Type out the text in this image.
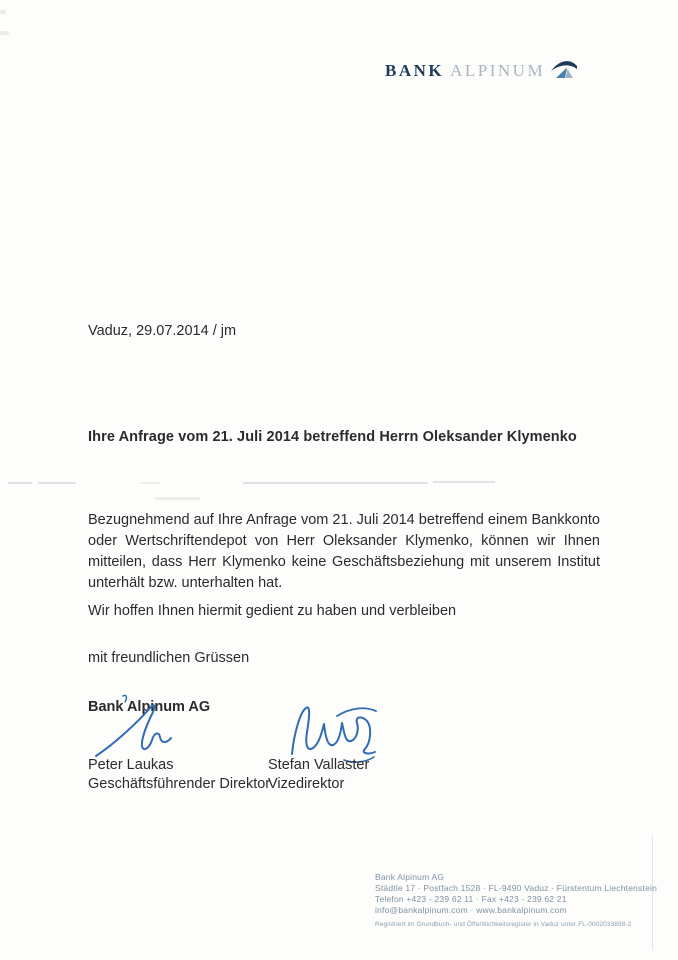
BANK ALPINUM
Vaduz, 29.07.2014 / jm
Ihre Anfrage vom 21. Juli 2014 betreffend Herrn Oleksander Klymenko
Bezugnehmend auf Ihre Anfrage vom 21. Juli 2014 betreffend einem Bankkonto oder Wertschriftendepot von Herr Oleksander Klymenko, können wir Ihnen mitteilen, dass Herr Klymenko keine Geschäftsbeziehung mit unserem Institut unterhält bzw. unterhalten hat.
Wir hoffen Ihnen hiermit gedient zu haben und verbleiben
mit freundlichen Grüssen
Bank Alpinum AG
Peter Laukas
Geschäftsführender Direktor
Stefan Vallaster
Vizedirektor
Bank Alpinum AG
Städtle 17 · Postfach 1528 · FL-9490 Vaduz · Fürstentum Liechtenstein
Telefon +423 - 239 62 11 · Fax +423 - 239 62 21
info@bankalpinum.com · www.bankalpinum.com
Registriert im Grundbuch- und Öffentlichkeitsregister in Vaduz unter FL-0002033898-2
